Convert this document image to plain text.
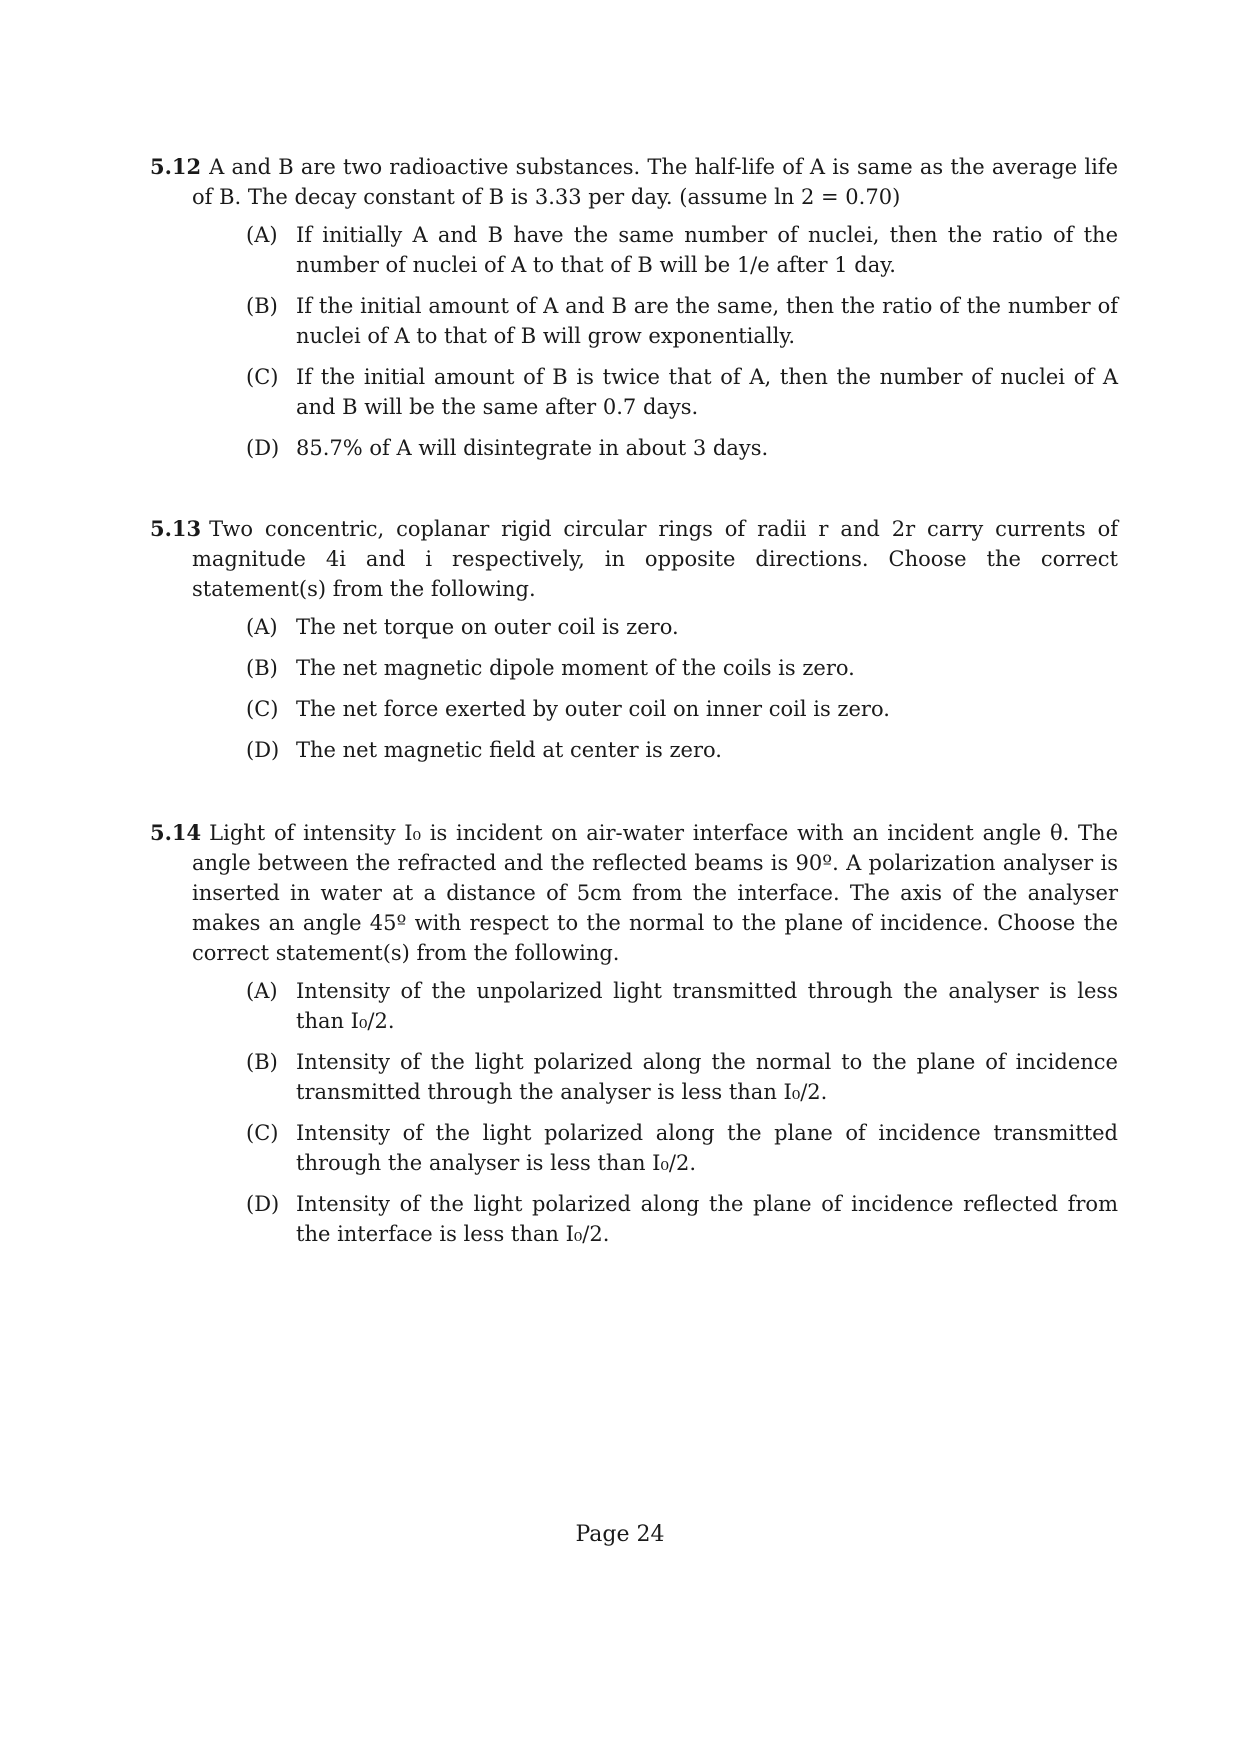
5.12 A and B are two radioactive substances. The half-life of A is same as the average life of B. The decay constant of B is 3.33 per day. (assume ln 2 = 0.70)

(A) If initially A and B have the same number of nuclei, then the ratio of the number of nuclei of A to that of B will be 1/e after 1 day.
(B) If the initial amount of A and B are the same, then the ratio of the number of nuclei of A to that of B will grow exponentially.
(C) If the initial amount of B is twice that of A, then the number of nuclei of A and B will be the same after 0.7 days.
(D) 85.7% of A will disintegrate in about 3 days.

5.13 Two concentric, coplanar rigid circular rings of radii r and 2r carry currents of magnitude 4i and i respectively, in opposite directions. Choose the correct statement(s) from the following.

(A) The net torque on outer coil is zero.
(B) The net magnetic dipole moment of the coils is zero.
(C) The net force exerted by outer coil on inner coil is zero.
(D) The net magnetic field at center is zero.

5.14 Light of intensity I₀ is incident on air-water interface with an incident angle θ. The angle between the refracted and the reflected beams is 90º. A polarization analyser is inserted in water at a distance of 5cm from the interface. The axis of the analyser makes an angle 45º with respect to the normal to the plane of incidence. Choose the correct statement(s) from the following.

(A) Intensity of the unpolarized light transmitted through the analyser is less than I₀/2.
(B) Intensity of the light polarized along the normal to the plane of incidence transmitted through the analyser is less than I₀/2.
(C) Intensity of the light polarized along the plane of incidence transmitted through the analyser is less than I₀/2.
(D) Intensity of the light polarized along the plane of incidence reflected from the interface is less than I₀/2.
Page 24
